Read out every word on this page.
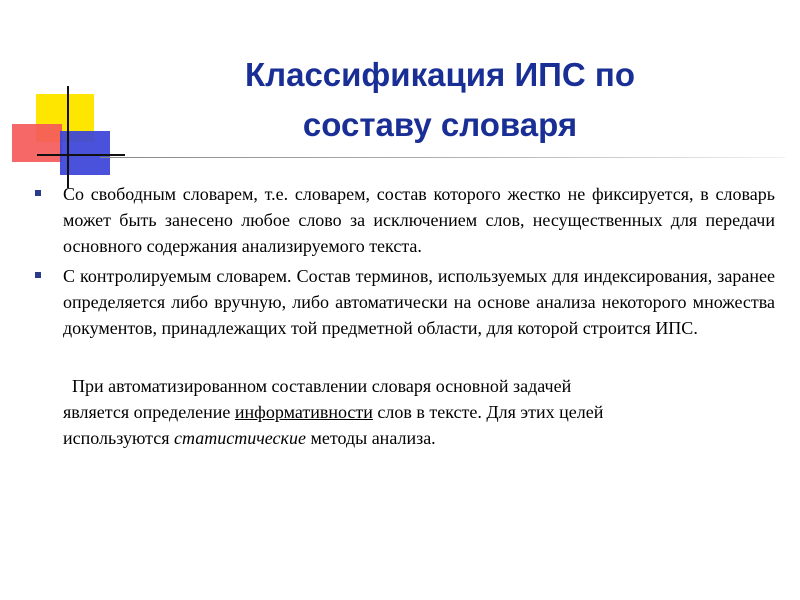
Классификация ИПС по
составу словаря
Со свободным словарем, т.е. словарем, состав которого жестко не фиксируется, в словарь может быть занесено любое слово за исключением слов, несущественных для передачи основного содержания анализируемого текста.
С контролируемым словарем. Состав терминов, используемых для индексирования, заранее определяется либо вручную, либо автоматически на основе анализа некоторого множества документов, принадлежащих той предметной области, для которой строится ИПС.
При автоматизированном составлении словаря основной задачей
является определение информативности слов в тексте. Для этих целей
используются статистические методы анализа.
